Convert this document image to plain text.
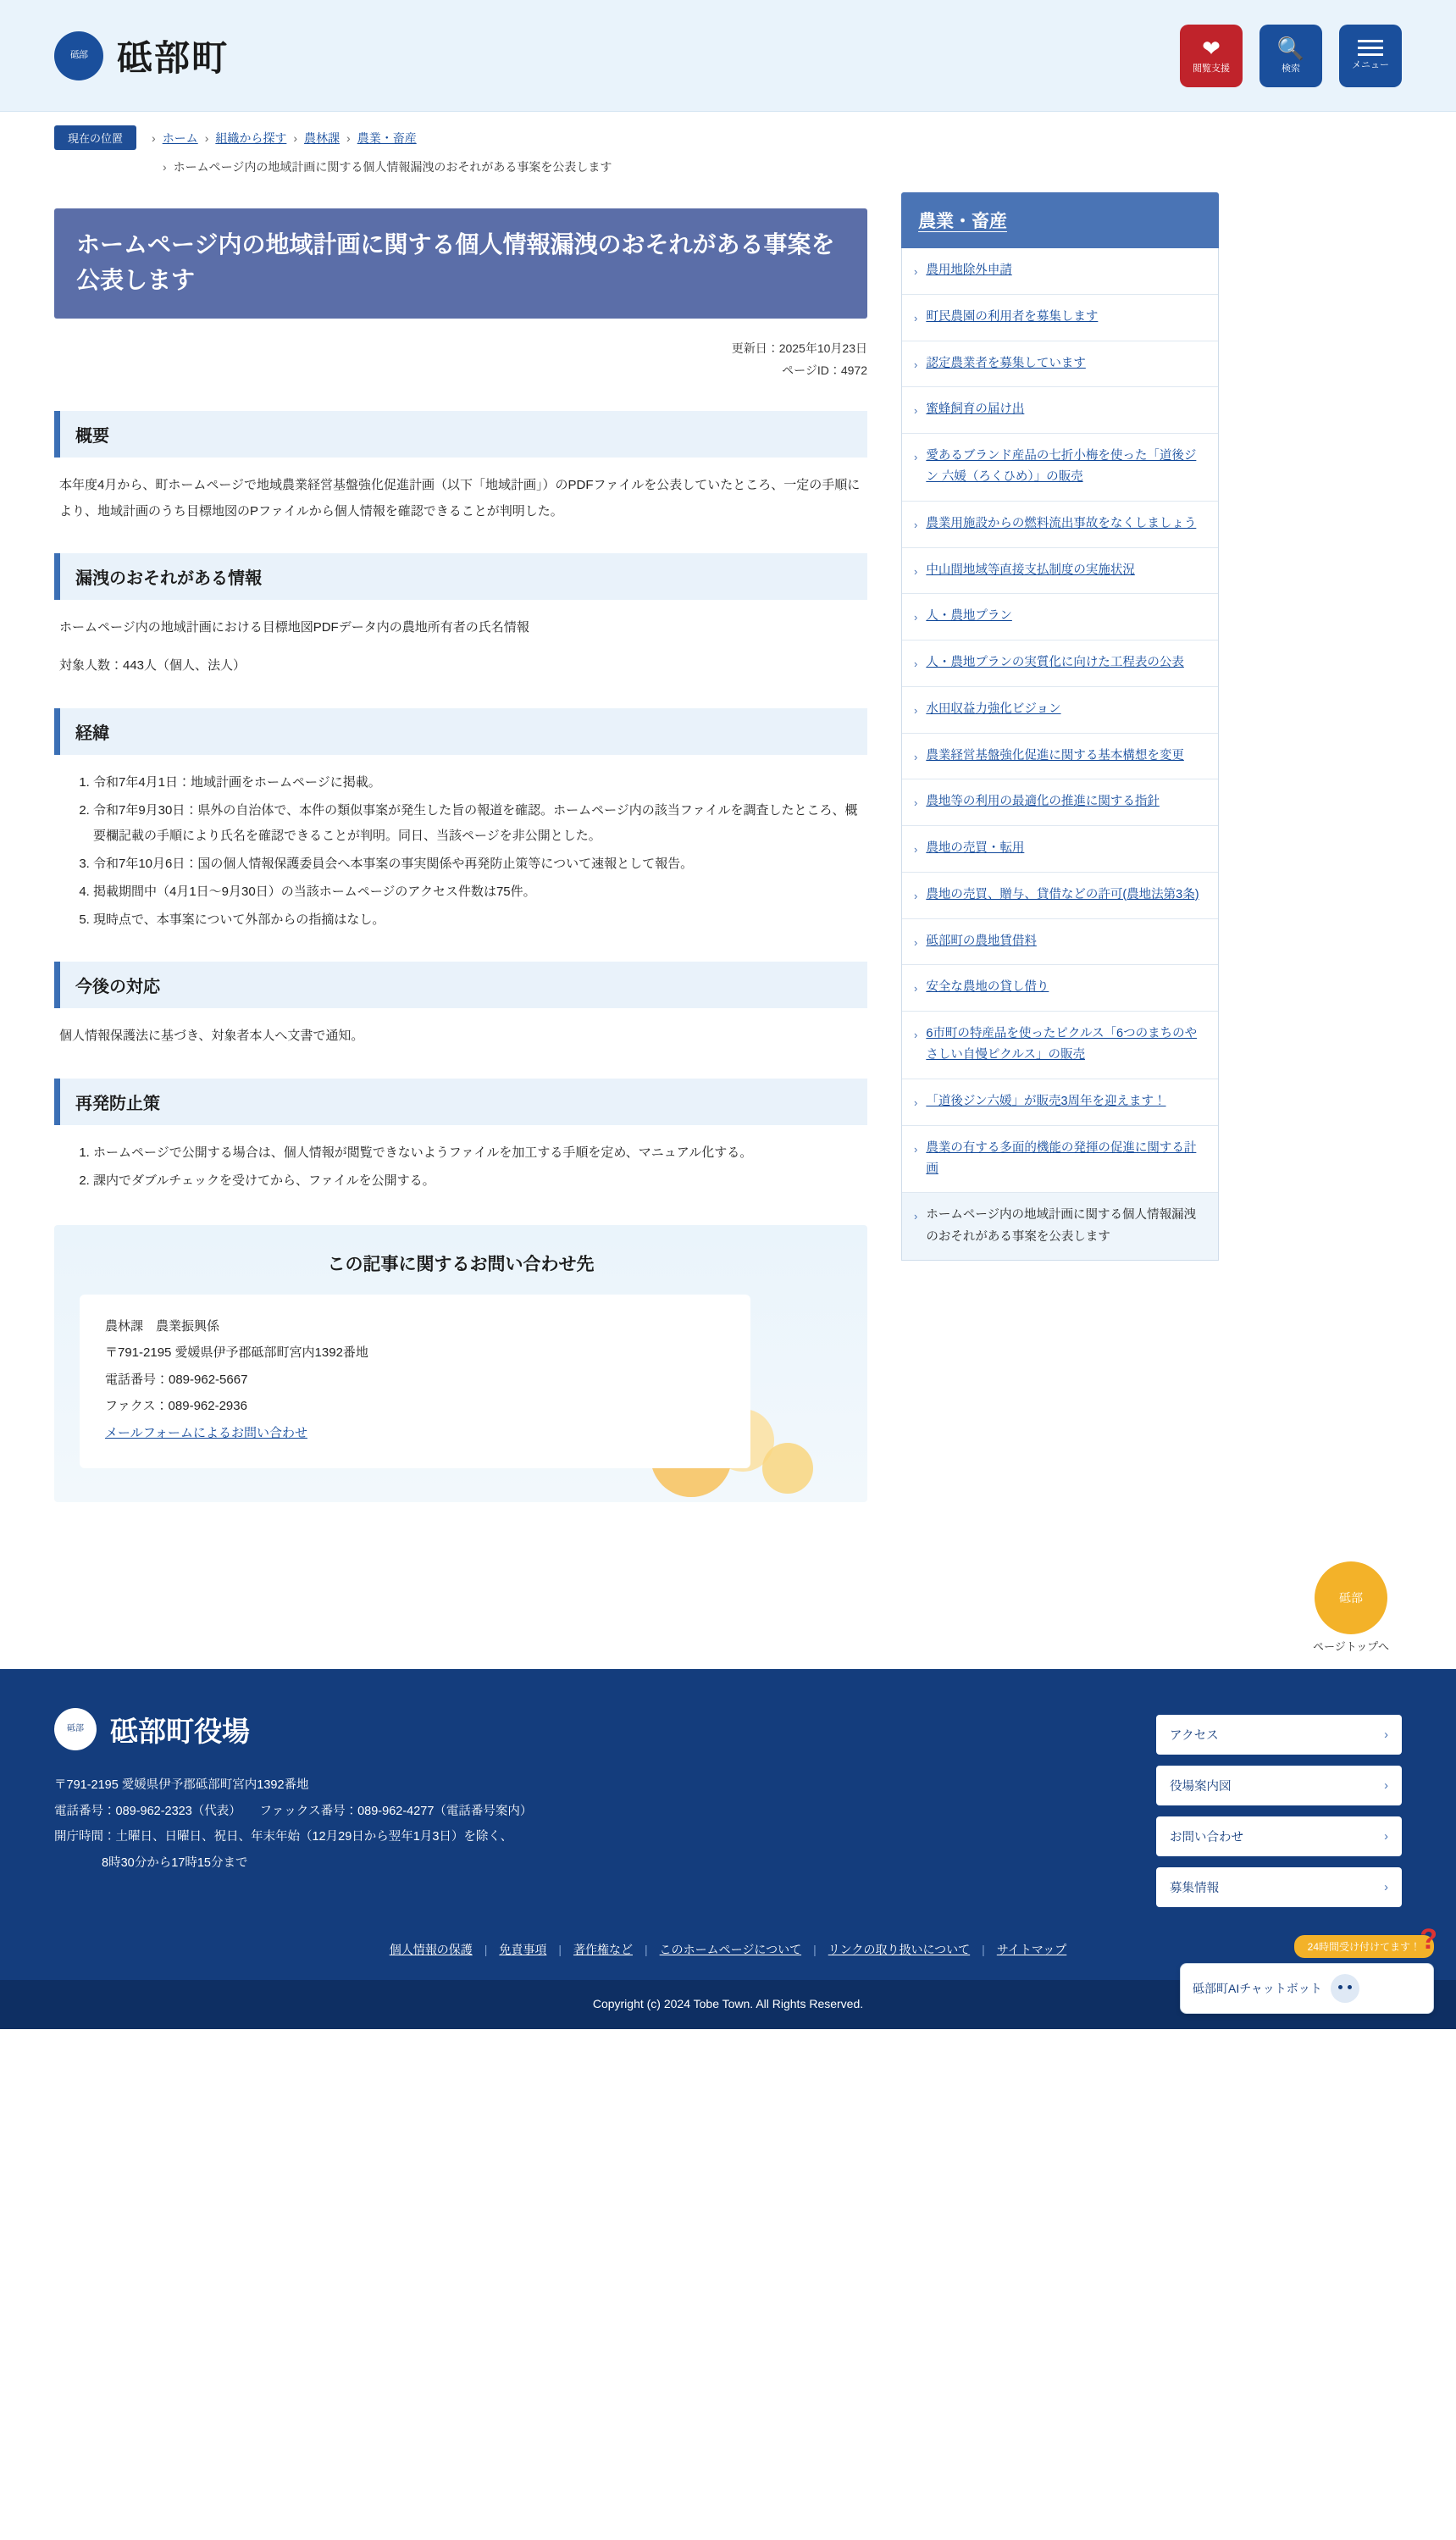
砥部 砥部町	❤
閲覧支援
🔍
検索	メニュー
現在の位置	› ホーム › 組織から探す › 農林課 › 農業・畜産
› ホームページ内の地域計画に関する個人情報漏洩のおそれがある事案を公表します
ホームページ内の地域計画に関する個人情報漏洩のおそれがある事案を公表します
更新日：2025年10月23日
ページID：4972
概要

本年度4月から、町ホームページで地域農業経営基盤強化促進計画（以下「地域計画」）のPDFファイルを公表していたところ、一定の手順により、地域計画のうち目標地図のPファイルから個人情報を確認できることが判明した。

漏洩のおそれがある情報

ホームページ内の地域計画における目標地図PDFデータ内の農地所有者の氏名情報

対象人数：443人（個人、法人）

経緯
1. 令和7年4月1日：地域計画をホームページに掲載。
2. 令和7年9月30日：県外の自治体で、本件の類似事案が発生した旨の報道を確認。ホームページ内の該当ファイルを調査したところ、概要欄記載の手順により氏名を確認できることが判明。同日、当該ページを非公開とした。
3. 令和7年10月6日：国の個人情報保護委員会へ本事案の事実関係や再発防止策等について速報として報告。
4. 掲載期間中（4月1日～9月30日）の当該ホームページのアクセス件数は75件。
5. 現時点で、本事案について外部からの指摘はなし。
今後の対応

個人情報保護法に基づき、対象者本人へ文書で通知。

再発防止策
1. ホームページで公開する場合は、個人情報が閲覧できないようファイルを加工する手順を定め、マニュアル化する。
2. 課内でダブルチェックを受けてから、ファイルを公開する。
この記事に関するお問い合わせ先
農林課　農業振興係
〒791-2195 愛媛県伊予郡砥部町宮内1392番地
電話番号：089-962-5667
ファクス：089-962-2936
メールフォームによるお問い合わせ
農業・畜産
› 農用地除外申請
› 町民農園の利用者を募集します
› 認定農業者を募集しています
› 蜜蜂飼育の届け出
› 愛あるブランド産品の七折小梅を使った「道後ジン 六媛（ろくひめ）」の販売
› 農業用施設からの燃料流出事故をなくしましょう
› 中山間地域等直接支払制度の実施状況
› 人・農地プラン
› 人・農地プランの実質化に向けた工程表の公表
› 水田収益力強化ビジョン
› 農業経営基盤強化促進に関する基本構想を変更
› 農地等の利用の最適化の推進に関する指針
› 農地の売買・転用
› 農地の売買、贈与、貸借などの許可(農地法第3条)
› 砥部町の農地賃借料
› 安全な農地の貸し借り
› 6市町の特産品を使ったピクルス「6つのまちのやさしい自慢ピクルス」の販売
› 「道後ジン六媛」が販売3周年を迎えます！
› 農業の有する多面的機能の発揮の促進に関する計画
› ホームページ内の地域計画に関する個人情報漏洩のおそれがある事案を公表します
砥部
ページトップへ
砥部 砥部町役場
〒791-2195 愛媛県伊予郡砥部町宮内1392番地
電話番号：089-962-2323（代表）　　ファックス番号：089-962-4277（電話番号案内）
開庁時間：土曜日、日曜日、祝日、年末年始（12月29日から翌年1月3日）を除く、
8時30分から17時15分まで
アクセス	›
役場案内図	›
お問い合わせ	›
募集情報	›
個人情報の保護 | 免責事項 | 著作権など | このホームページについて | リンクの取り扱いについて | サイトマップ
Copyright (c) 2024 Tobe Town. All Rights Reserved.
24時間受け付けてます！
砥部町AIチャットボット
?
